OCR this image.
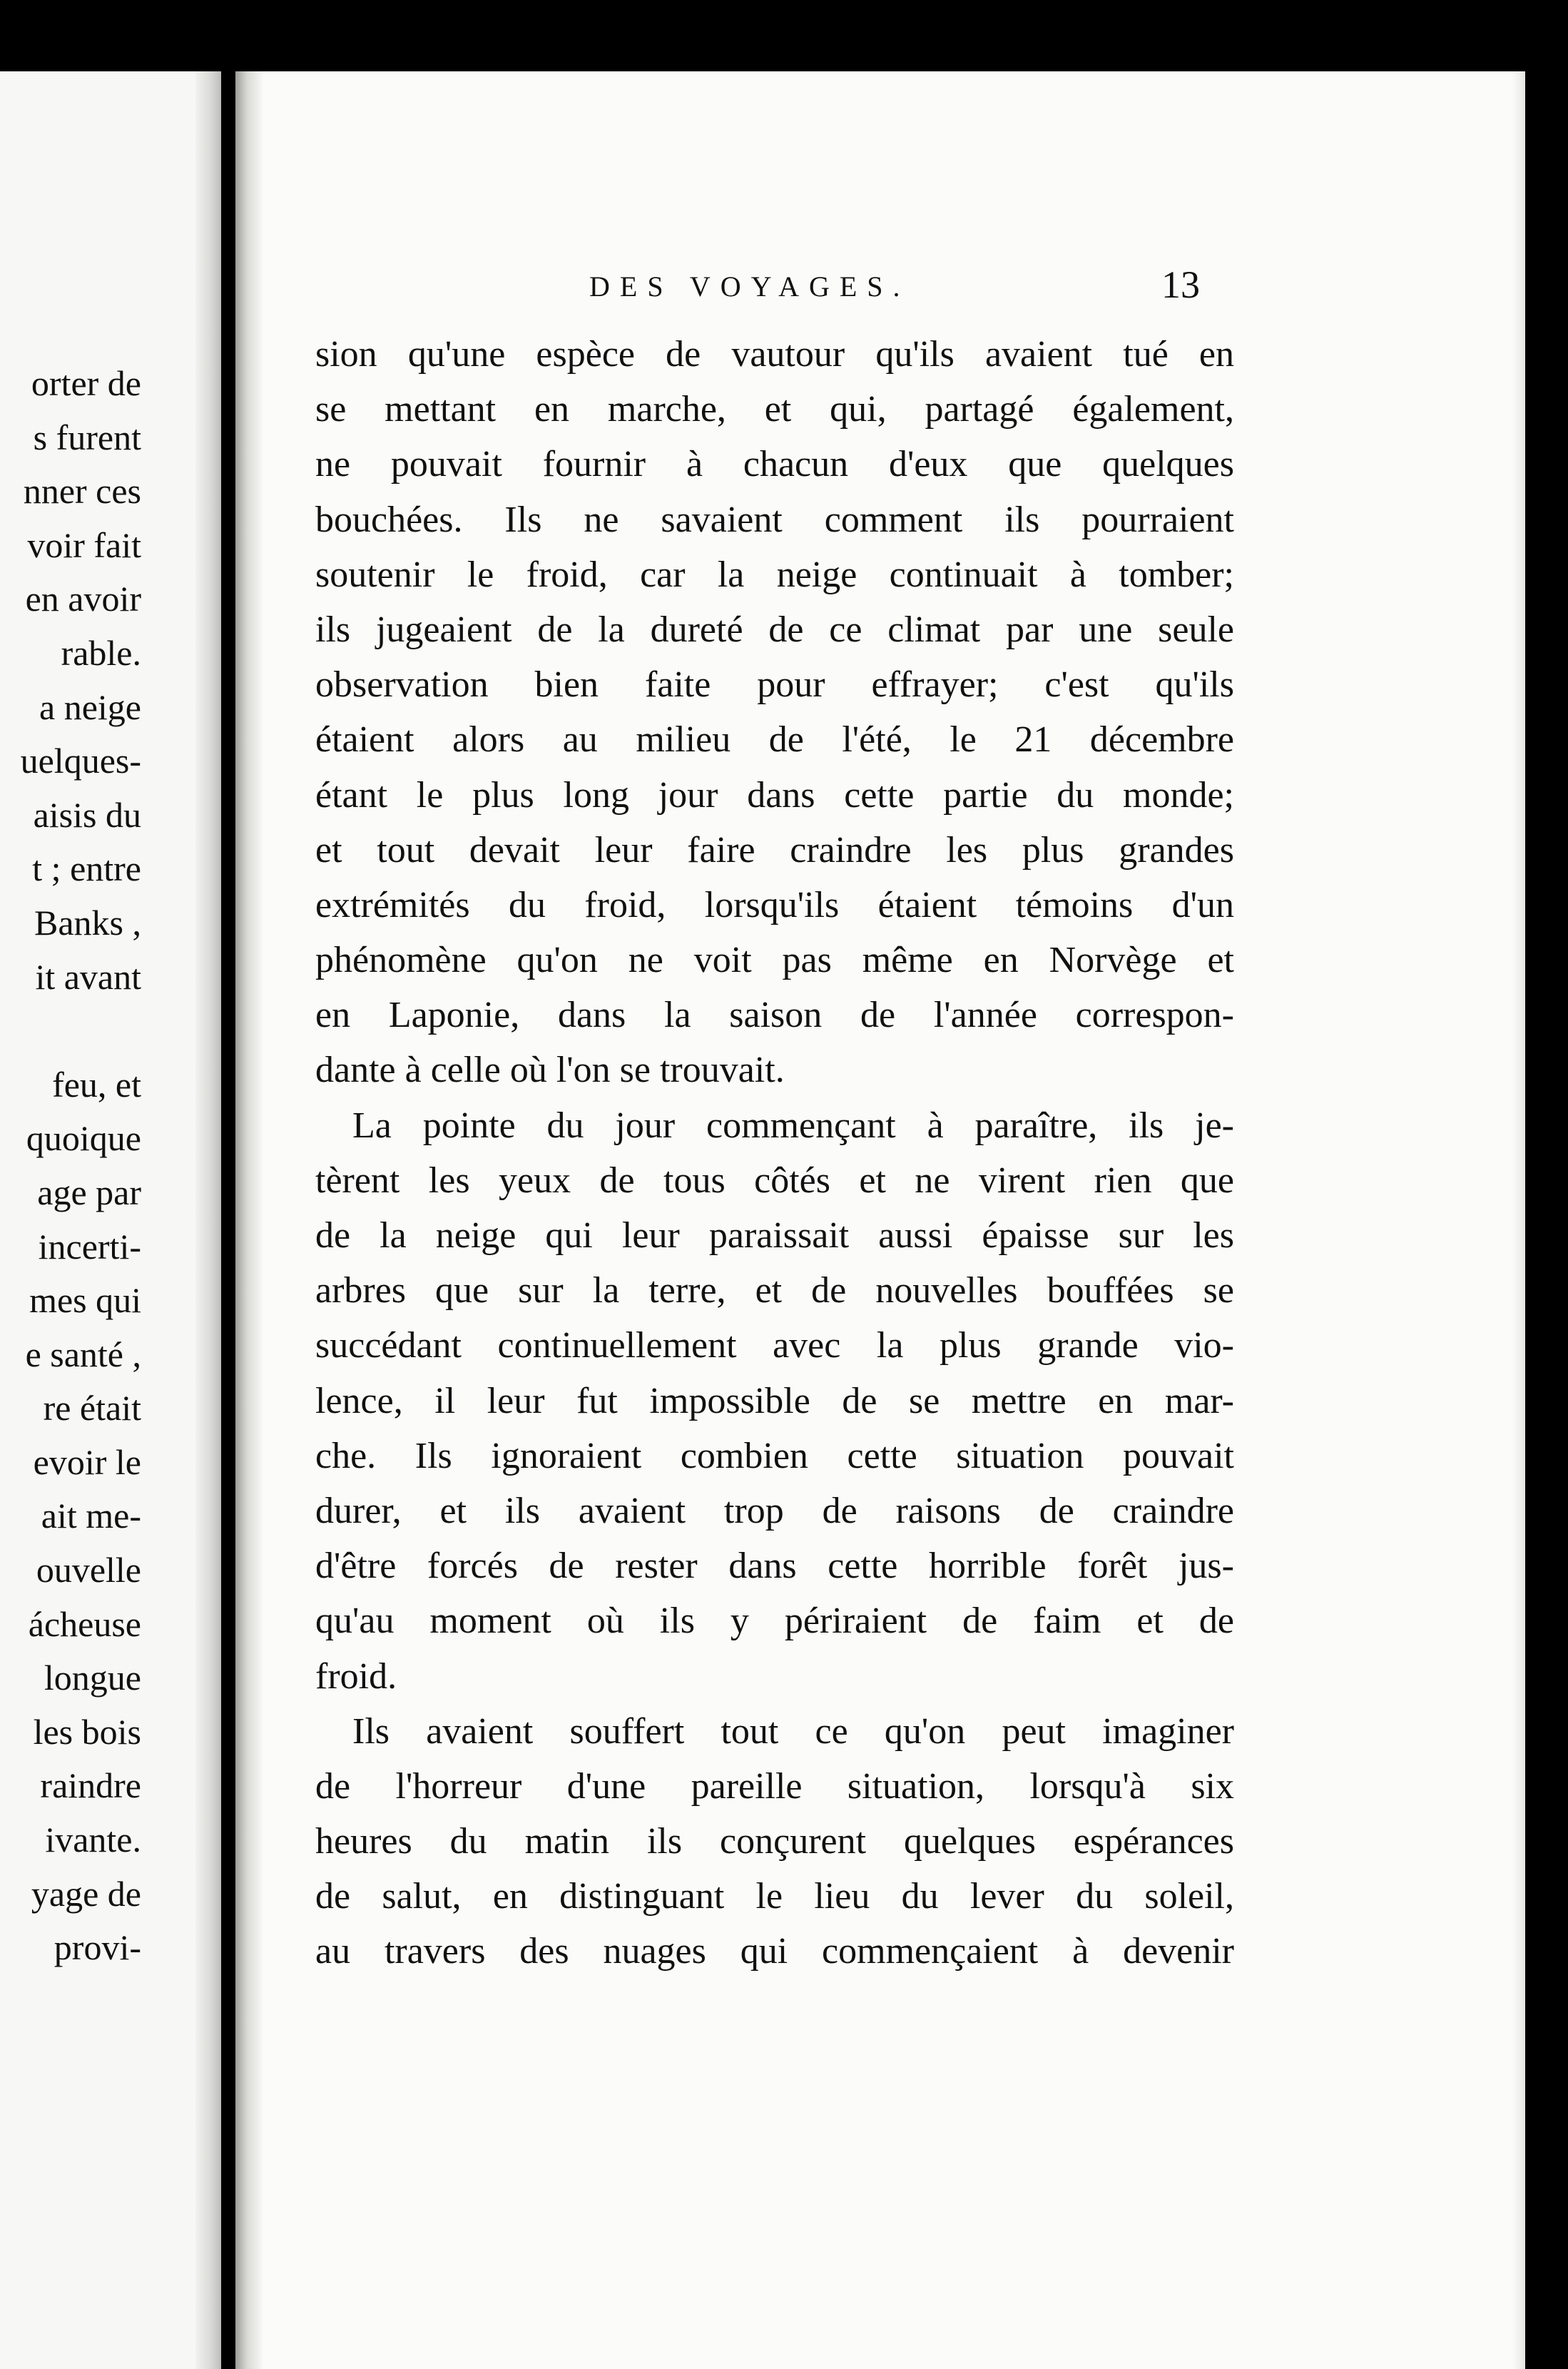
orter de
s furent
nner ces
voir fait
en avoir
rable.
a neige
uelques-
aisis du
t ; entre
Banks ,
it avant
feu, et
quoique
age par
incerti-
mes qui
e santé ,
re était
evoir le
ait me-
ouvelle
ácheuse
longue
les bois
raindre
ivante.
yage de
provi-
DES VOYAGES.	13
sion qu'une espèce de vautour qu'ils avaient tué en
se mettant en marche, et qui, partagé également,
ne pouvait fournir à chacun d'eux que quelques
bouchées. Ils ne savaient comment ils pourraient
soutenir le froid, car la neige continuait à tomber;
ils jugeaient de la dureté de ce climat par une seule
observation bien faite pour effrayer; c'est qu'ils
étaient alors au milieu de l'été, le 21 décembre
étant le plus long jour dans cette partie du monde;
et tout devait leur faire craindre les plus grandes
extrémités du froid, lorsqu'ils étaient témoins d'un
phénomène qu'on ne voit pas même en Norvège et
en Laponie, dans la saison de l'année correspon-
dante à celle où l'on se trouvait.
La pointe du jour commençant à paraître, ils je-
tèrent les yeux de tous côtés et ne virent rien que
de la neige qui leur paraissait aussi épaisse sur les
arbres que sur la terre, et de nouvelles bouffées se
succédant continuellement avec la plus grande vio-
lence, il leur fut impossible de se mettre en mar-
che. Ils ignoraient combien cette situation pouvait
durer, et ils avaient trop de raisons de craindre
d'être forcés de rester dans cette horrible forêt jus-
qu'au moment où ils y périraient de faim et de
froid.
Ils avaient souffert tout ce qu'on peut imaginer
de l'horreur d'une pareille situation, lorsqu'à six
heures du matin ils conçurent quelques espérances
de salut, en distinguant le lieu du lever du soleil,
au travers des nuages qui commençaient à devenir
